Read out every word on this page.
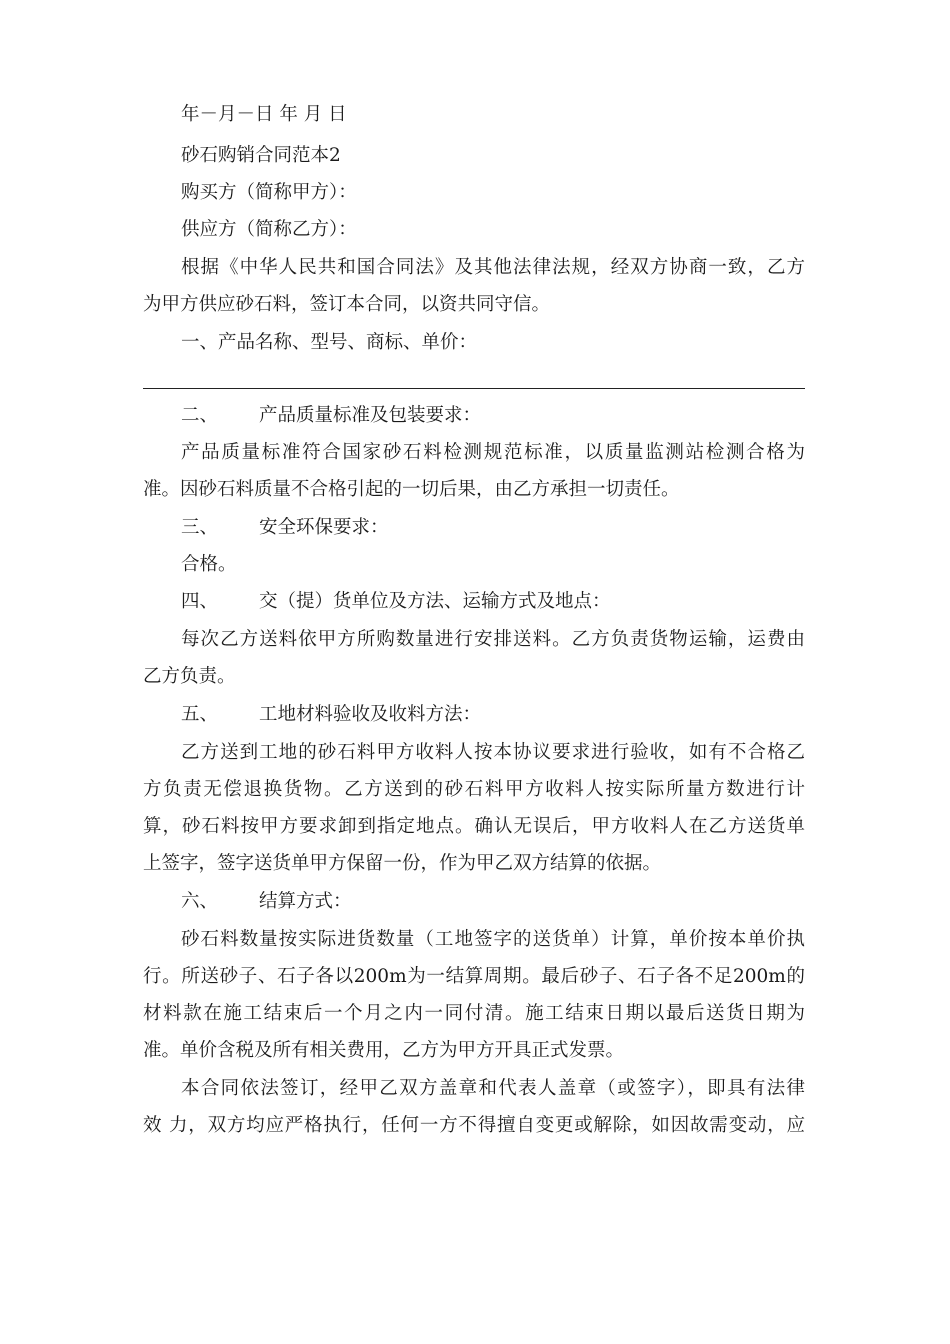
年－月－日 年 月 日
砂石购销合同范本2
购买方（简称甲方）：
供应方（简称乙方）：
根据《中华人民共和国合同法》及其他法律法规，经双方协商一致，乙方
为甲方供应砂石料，签订本合同，以资共同守信。
一、产品名称、型号、商标、单价：
二、 产品质量标准及包装要求：
产品质量标准符合国家砂石料检测规范标准，以质量监测站检测合格为
准。因砂石料质量不合格引起的一切后果，由乙方承担一切责任。
三、 安全环保要求：
合格。
四、 交（提）货单位及方法、运输方式及地点：
每次乙方送料依甲方所购数量进行安排送料。乙方负责货物运输，运费由
乙方负责。
五、 工地材料验收及收料方法：
乙方送到工地的砂石料甲方收料人按本协议要求进行验收，如有不合格乙
方负责无偿退换货物。乙方送到的砂石料甲方收料人按实际所量方数进行计
算，砂石料按甲方要求卸到指定地点。确认无误后，甲方收料人在乙方送货单
上签字，签字送货单甲方保留一份，作为甲乙双方结算的依据。
六、 结算方式：
砂石料数量按实际进货数量（工地签字的送货单）计算，单价按本单价执
行。所送砂子、石子各以200m为一结算周期。最后砂子、石子各不足200m的
材料款在施工结束后一个月之内一同付清。施工结束日期以最后送货日期为
准。单价含税及所有相关费用，乙方为甲方开具正式发票。
本合同依法签订，经甲乙双方盖章和代表人盖章（或签字），即具有法律
效 力，双方均应严格执行，任何一方不得擅自变更或解除，如因故需变动，应
